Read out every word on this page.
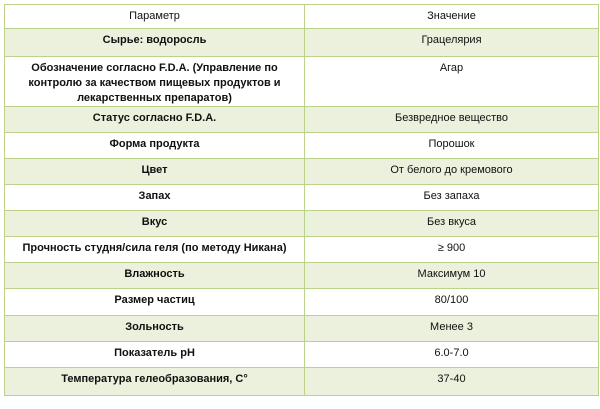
Параметр	Значение
Сырье: водоросль	Грацелярия
Обозначение согласно F.D.A. (Управление по контролю за качеством пищевых продуктов и лекарственных препаратов)	Агар
Статус согласно F.D.A.	Безвредное вещество
Форма продукта	Порошок
Цвет	От белого до кремового
Запах	Без запаха
Вкус	Без вкуса
Прочность студня/сила геля (по методу Никана)	≥ 900
Влажность	Максимум 10
Размер частиц	80/100
Зольность	Менее 3
Показатель pH	6.0-7.0
Температура гелеобразования, С°	37-40
